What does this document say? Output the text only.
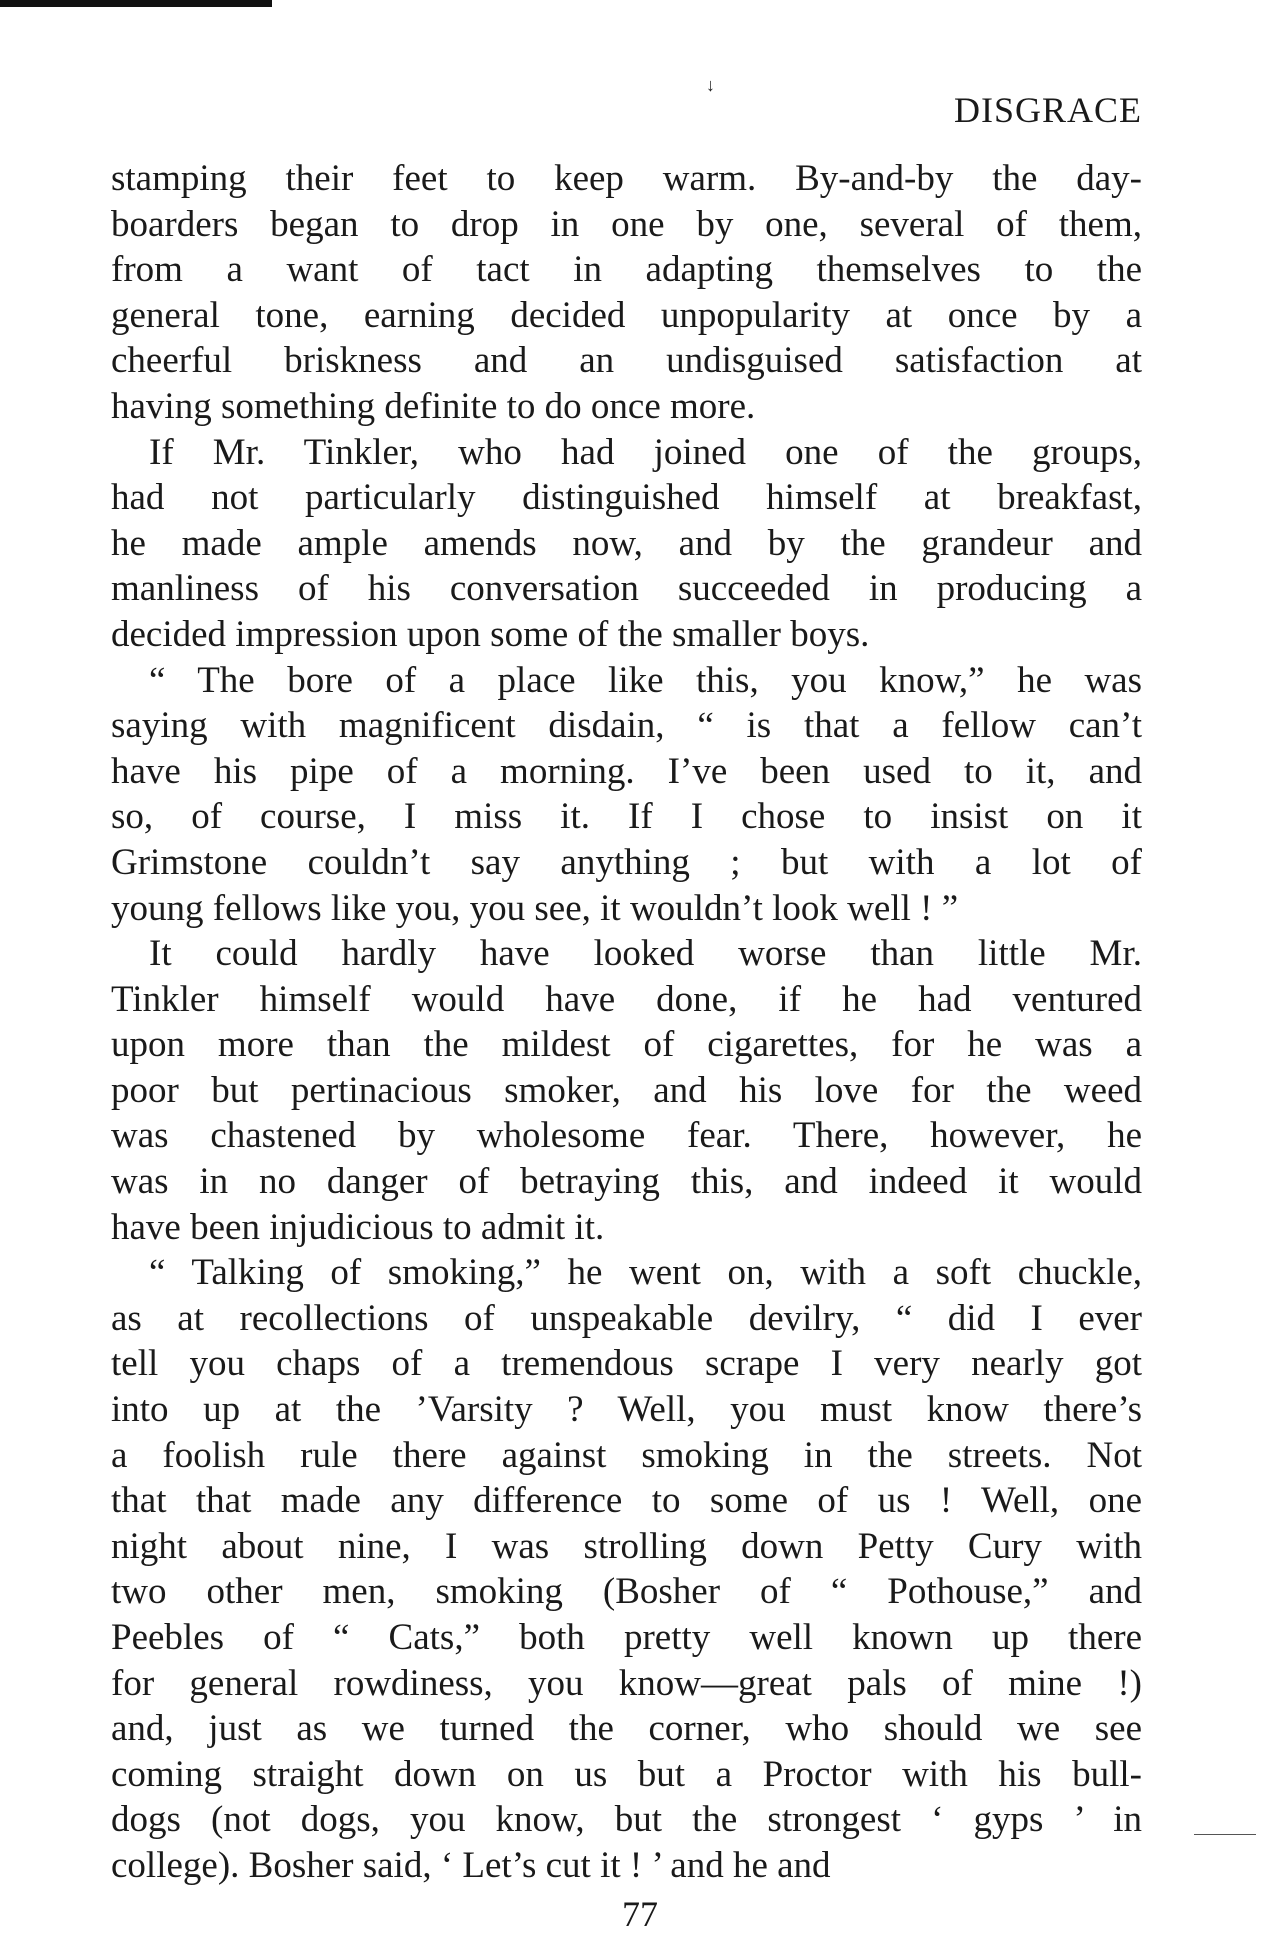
↓
DISGRACE
stamping their feet to keep warm. By-and-by the day-
boarders began to drop in one by one, several of them,
from a want of tact in adapting themselves to the
general tone, earning decided unpopularity at once by a
cheerful briskness and an undisguised satisfaction at
having something definite to do once more.
If Mr. Tinkler, who had joined one of the groups,
had not particularly distinguished himself at breakfast,
he made ample amends now, and by the grandeur and
manliness of his conversation succeeded in producing a
decided impression upon some of the smaller boys.
“ The bore of a place like this, you know,” he was
saying with magnificent disdain, “ is that a fellow can’t
have his pipe of a morning. I’ve been used to it, and
so, of course, I miss it. If I chose to insist on it
Grimstone couldn’t say anything ; but with a lot of
young fellows like you, you see, it wouldn’t look well ! ”
It could hardly have looked worse than little Mr.
Tinkler himself would have done, if he had ventured
upon more than the mildest of cigarettes, for he was a
poor but pertinacious smoker, and his love for the weed
was chastened by wholesome fear. There, however, he
was in no danger of betraying this, and indeed it would
have been injudicious to admit it.
“ Talking of smoking,” he went on, with a soft chuckle,
as at recollections of unspeakable devilry, “ did I ever
tell you chaps of a tremendous scrape I very nearly got
into up at the ’Varsity ? Well, you must know there’s
a foolish rule there against smoking in the streets. Not
that that made any difference to some of us ! Well, one
night about nine, I was strolling down Petty Cury with
two other men, smoking (Bosher of “ Pothouse,” and
Peebles of “ Cats,” both pretty well known up there
for general rowdiness, you know—great pals of mine !)
and, just as we turned the corner, who should we see
coming straight down on us but a Proctor with his bull-
dogs (not dogs, you know, but the strongest ‘ gyps ’ in
college). Bosher said, ‘ Let’s cut it ! ’ and he and
77
